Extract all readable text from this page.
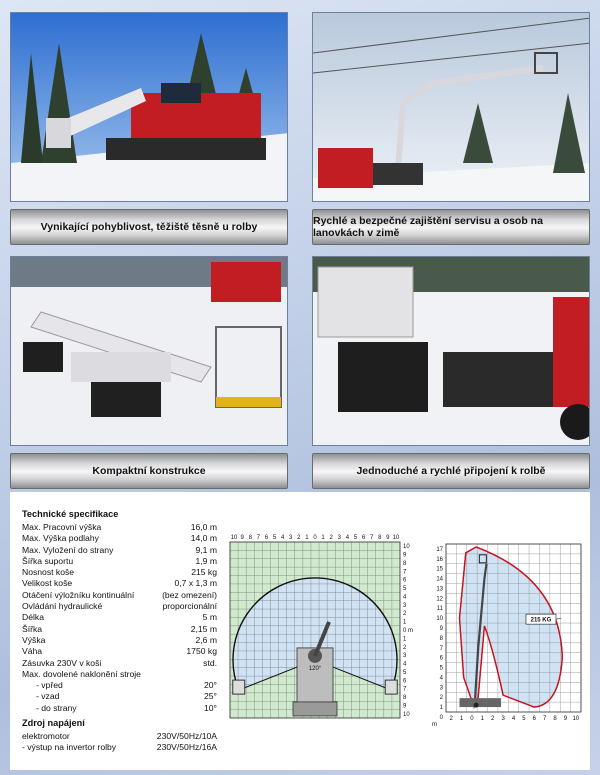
Vynikající pohyblivost, těžiště těsně u rolby	Rychlé a bezpečné zajištění servisu a osob na lanovkách v zimě
Kompaktní konstrukce	Jednoduché a rychlé připojení k rolbě
Technické specifikace
Max. Pracovní výška	16,0 m
Max. Výška podlahy	14,0 m
Max. Vyložení do strany	9,1 m
Šířka suportu	1,9 m
Nosnost koše	215 kg
Velikost koše	0,7 x 1,3 m
Otáčení výložníku kontinuální	(bez omezení)
Ovládání hydraulické	proporcionální
Délka	5 m
Šířka	2,15 m
Výška	2,6 m
Váha	1750 kg
Zásuvka 230V v koši	std.
Max. dovolené naklonění stroje
- vpřed	20°
- vzad	25°
- do strany	10°
Zdroj napájení
elektromotor	230V/50Hz/10A
- výstup na invertor rolby	230V/50Hz/16A
120°
10 9 8 7 6 5 4 3 2 1 0 1 2 3 4 5 6 7 8 9 10
10
9
8
7
6
5
4
3
2
1
0 m
1
2
3
4
5
6
7
8
9
10
215 KG
17
16
15
14
13
12
11
10
9
8
7
6
5
4
3
2
1
0 2 1 0 1 2 3 4 5 6 7 8 9 10
m
